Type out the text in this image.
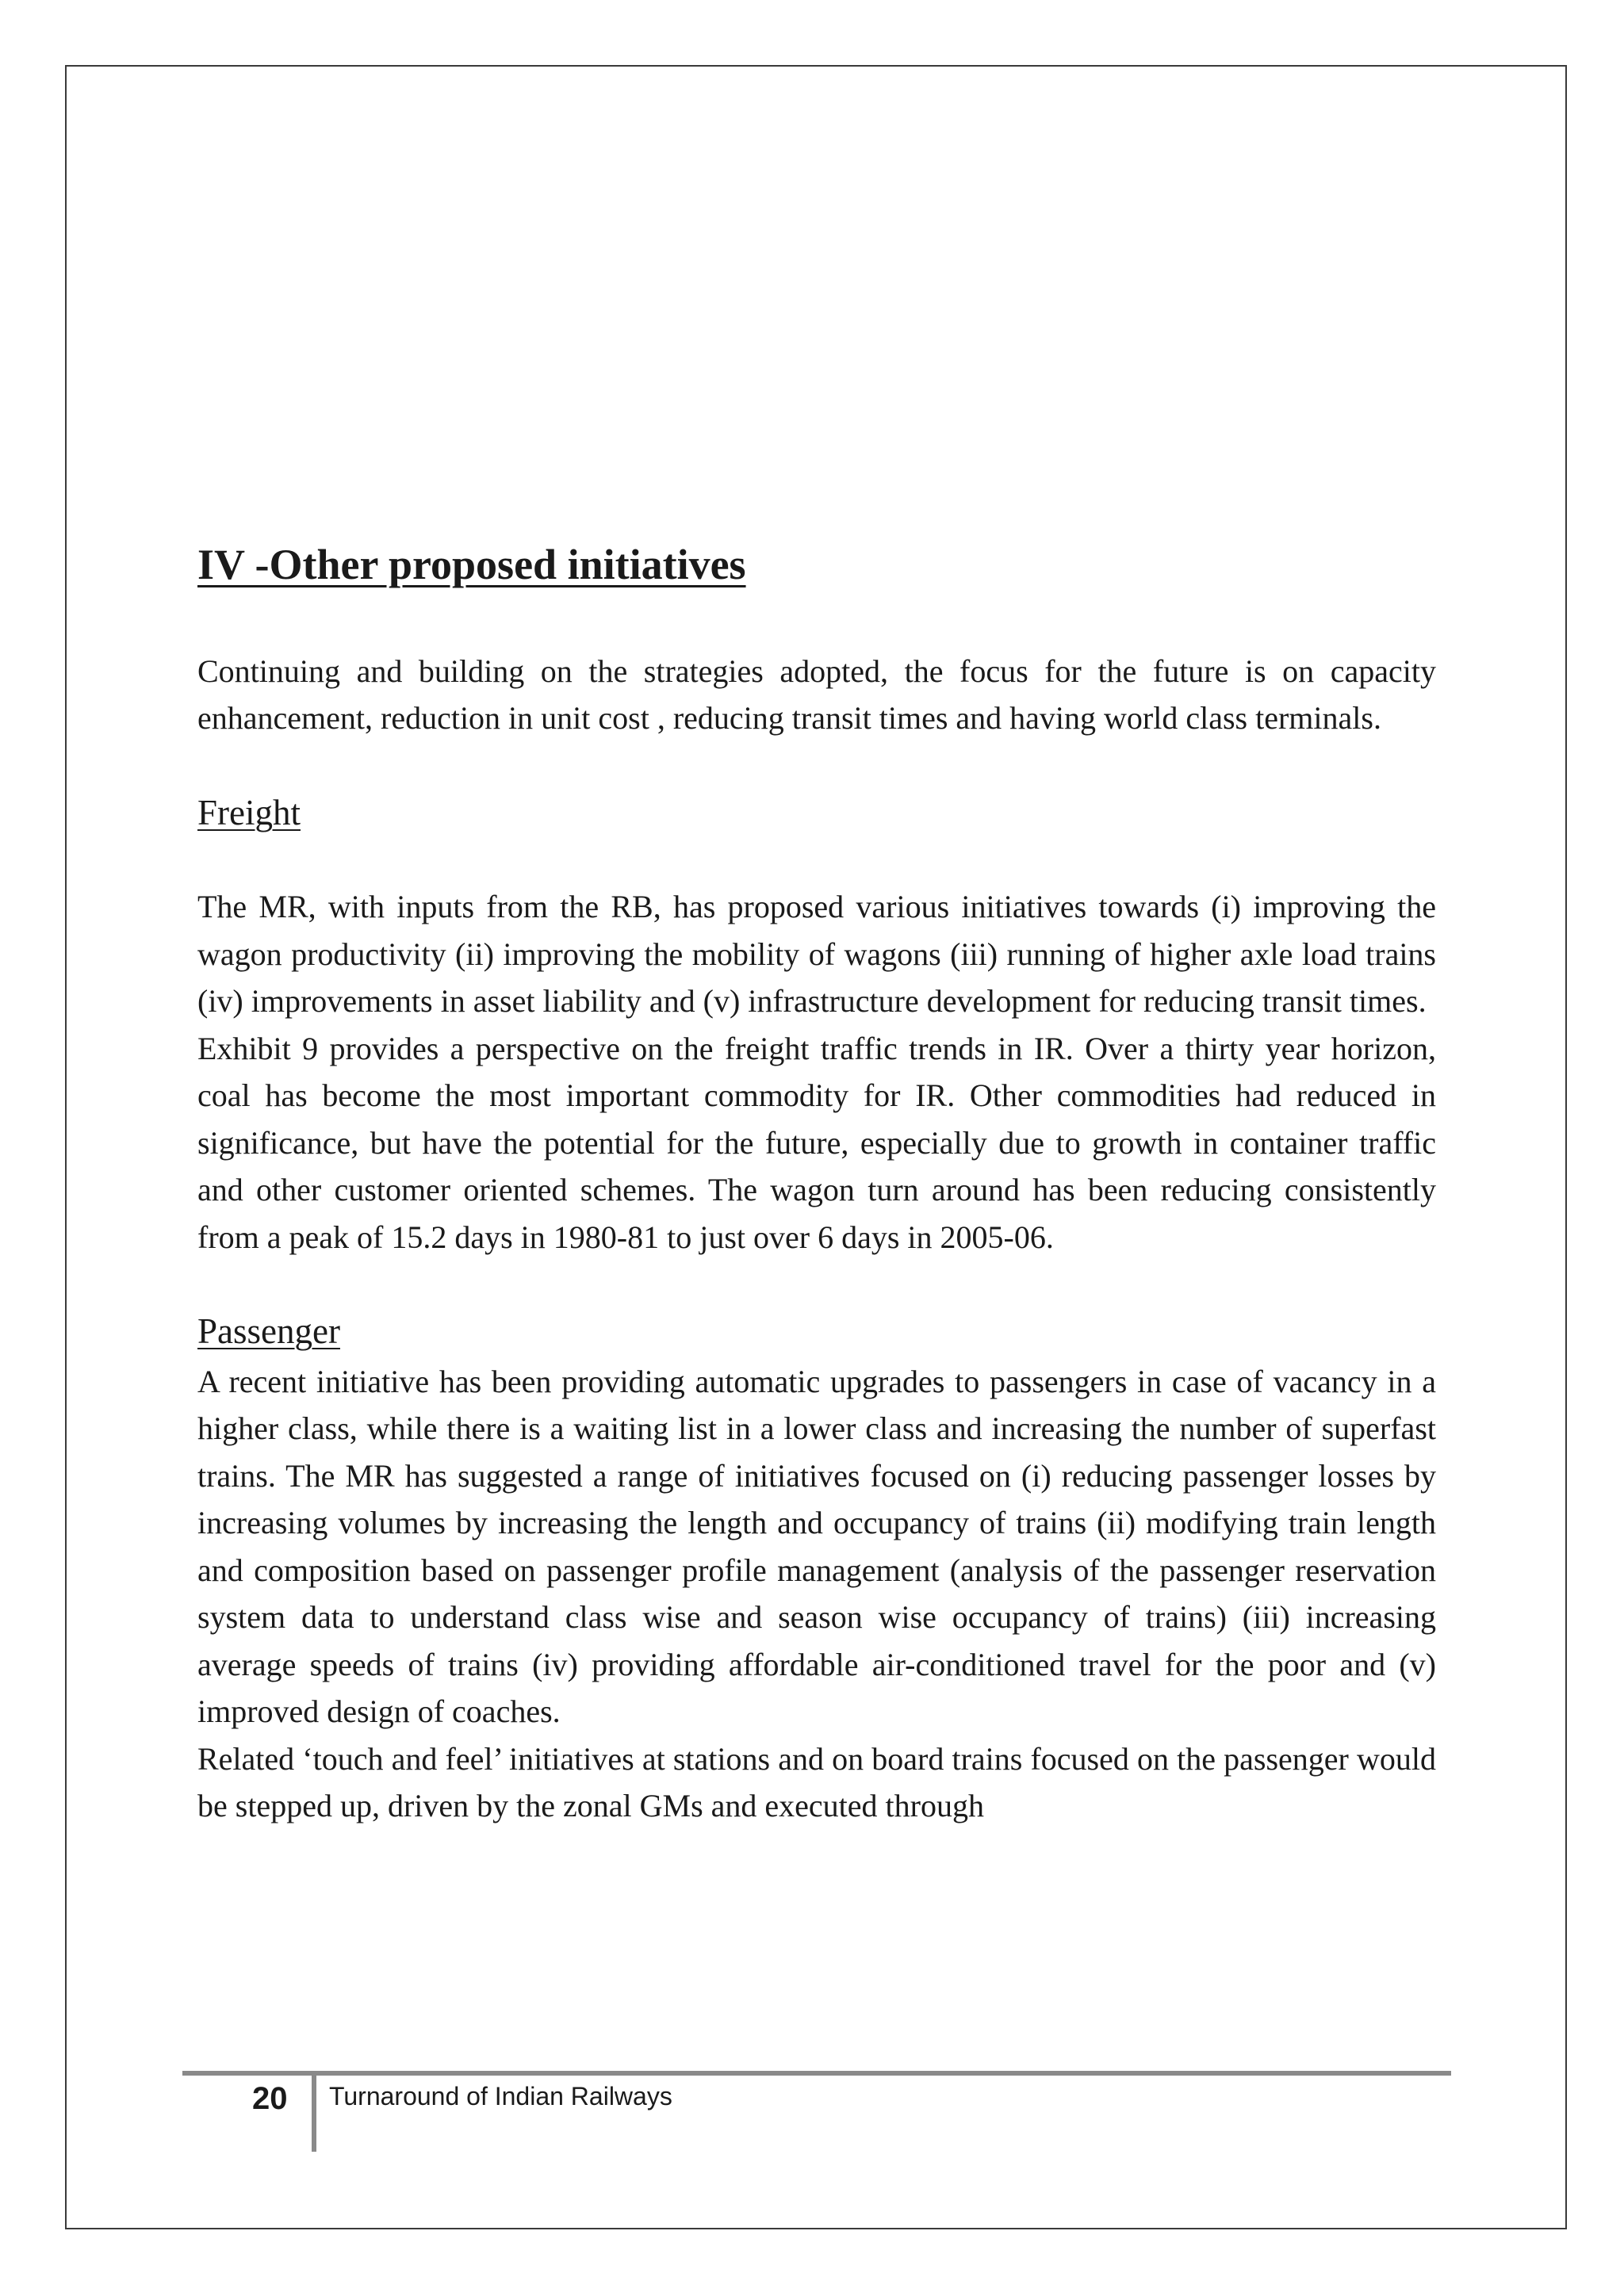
IV -Other proposed initiatives

Continuing and building on the strategies adopted, the focus for the future is on capacity enhancement, reduction in unit cost , reducing transit times and having world class terminals.

Freight

The MR, with inputs from the RB, has proposed various initiatives towards (i) improving the wagon productivity (ii) improving the mobility of wagons (iii) running of higher axle load trains (iv) improvements in asset liability and (v) infrastructure development for reducing transit times.

Exhibit 9 provides a perspective on the freight traffic trends in IR. Over a thirty year horizon, coal has become the most important commodity for IR. Other commodities had reduced in significance, but have the potential for the future, especially due to growth in container traffic and other customer oriented schemes. The wagon turn around has been reducing consistently from a peak of 15.2 days in 1980-81 to just over 6 days in 2005-06.

Passenger

A recent initiative has been providing automatic upgrades to passengers in case of vacancy in a higher class, while there is a waiting list in a lower class and increasing the number of superfast trains. The MR has suggested a range of initiatives focused on (i) reducing passenger losses by increasing volumes by increasing the length and occupancy of trains (ii) modifying train length and composition based on passenger profile management (analysis of the passenger reservation system data to understand class wise and season wise occupancy of trains) (iii) increasing average speeds of trains (iv) providing affordable air-conditioned travel for the poor and (v) improved design of coaches.

Related ‘touch and feel’ initiatives at stations and on board trains focused on the passenger would be stepped up, driven by the zonal GMs and executed through

20 Turnaround of Indian Railways
